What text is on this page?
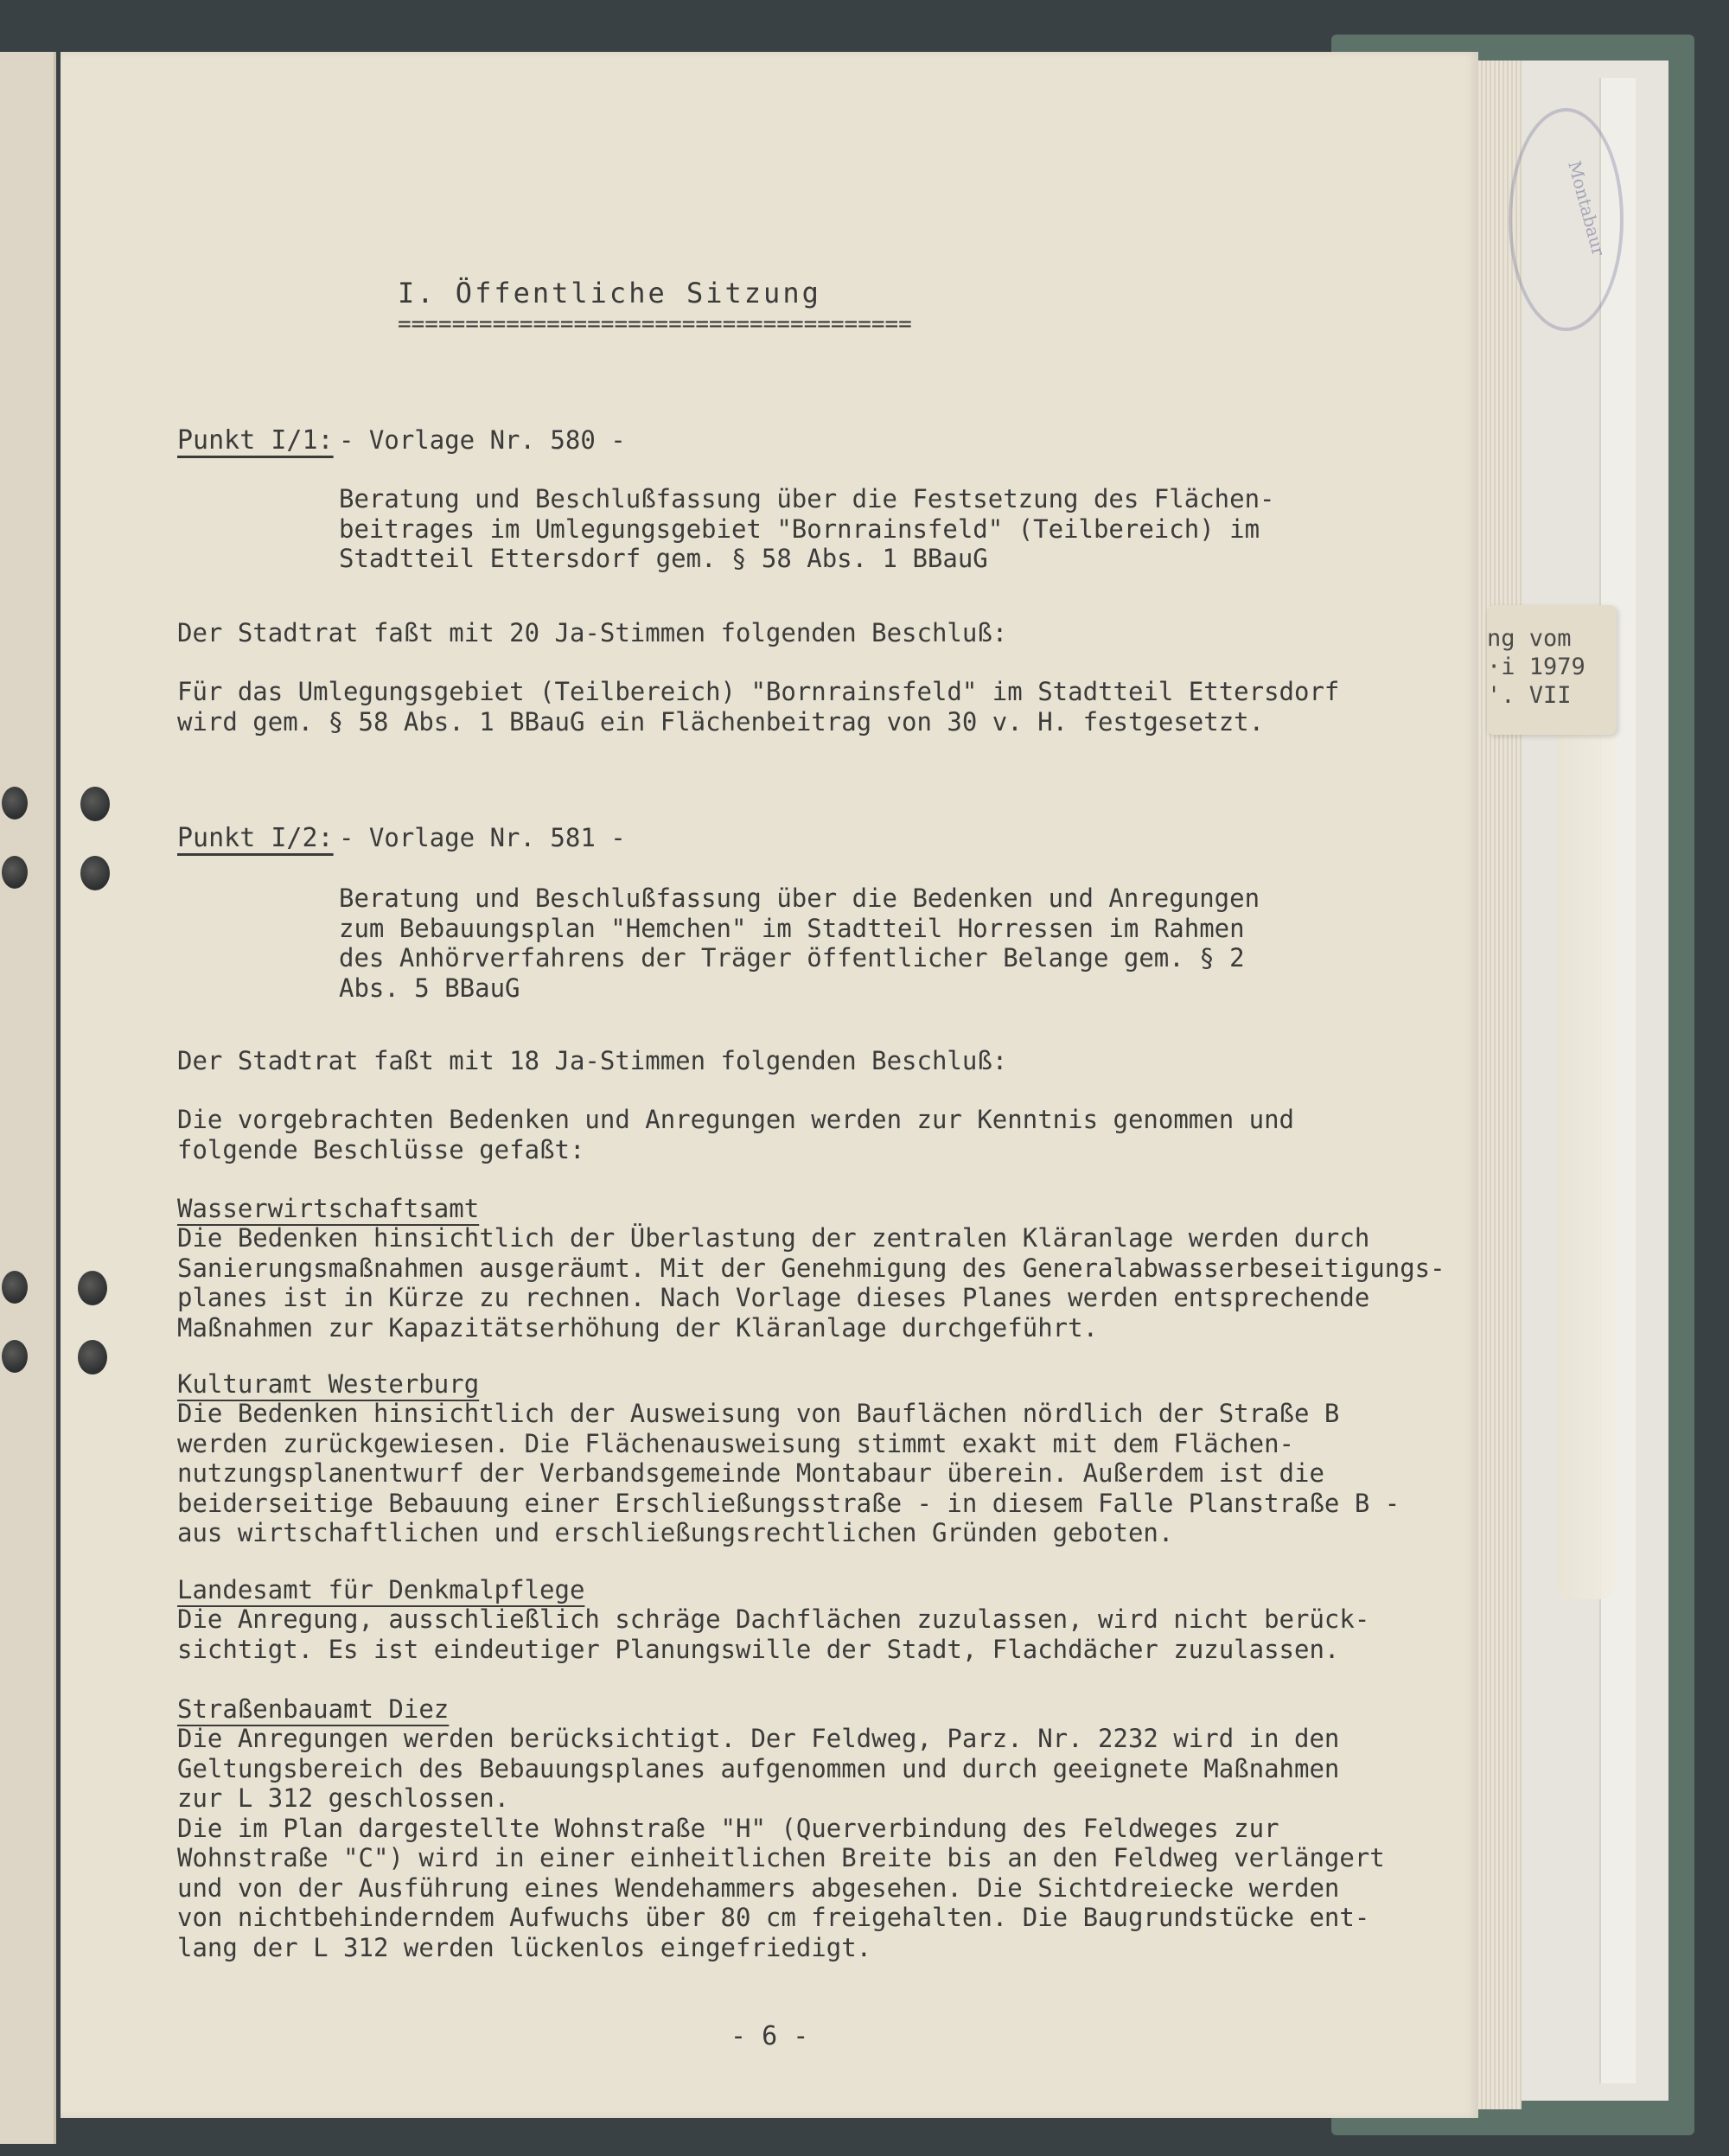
Montabaur
ng vom
·i 1979
'. VII
I. Öffentliche Sitzung
======================================
Punkt I/1: - Vorlage Nr. 580 -
Beratung und Beschlußfassung über die Festsetzung des Flächen-
beitrages im Umlegungsgebiet "Bornrainsfeld" (Teilbereich) im
Stadtteil Ettersdorf gem. § 58 Abs. 1 BBauG
Der Stadtrat faßt mit 20 Ja-Stimmen folgenden Beschluß:
Für das Umlegungsgebiet (Teilbereich) "Bornrainsfeld" im Stadtteil Ettersdorf
wird gem. § 58 Abs. 1 BBauG ein Flächenbeitrag von 30 v. H. festgesetzt.
Punkt I/2: - Vorlage Nr. 581 -
Beratung und Beschlußfassung über die Bedenken und Anregungen
zum Bebauungsplan "Hemchen" im Stadtteil Horressen im Rahmen
des Anhörverfahrens der Träger öffentlicher Belange gem. § 2
Abs. 5 BBauG
Der Stadtrat faßt mit 18 Ja-Stimmen folgenden Beschluß:
Die vorgebrachten Bedenken und Anregungen werden zur Kenntnis genommen und
folgende Beschlüsse gefaßt:
Wasserwirtschaftsamt
Die Bedenken hinsichtlich der Überlastung der zentralen Kläranlage werden durch
Sanierungsmaßnahmen ausgeräumt. Mit der Genehmigung des Generalabwasserbeseitigungs-
planes ist in Kürze zu rechnen. Nach Vorlage dieses Planes werden entsprechende
Maßnahmen zur Kapazitätserhöhung der Kläranlage durchgeführt.
Kulturamt Westerburg
Die Bedenken hinsichtlich der Ausweisung von Bauflächen nördlich der Straße B
werden zurückgewiesen. Die Flächenausweisung stimmt exakt mit dem Flächen-
nutzungsplanentwurf der Verbandsgemeinde Montabaur überein. Außerdem ist die
beiderseitige Bebauung einer Erschließungsstraße - in diesem Falle Planstraße B -
aus wirtschaftlichen und erschließungsrechtlichen Gründen geboten.
Landesamt für Denkmalpflege
Die Anregung, ausschließlich schräge Dachflächen zuzulassen, wird nicht berück-
sichtigt. Es ist eindeutiger Planungswille der Stadt, Flachdächer zuzulassen.
Straßenbauamt Diez
Die Anregungen werden berücksichtigt. Der Feldweg, Parz. Nr. 2232 wird in den
Geltungsbereich des Bebauungsplanes aufgenommen und durch geeignete Maßnahmen
zur L 312 geschlossen.
Die im Plan dargestellte Wohnstraße "H" (Querverbindung des Feldweges zur
Wohnstraße "C") wird in einer einheitlichen Breite bis an den Feldweg verlängert
und von der Ausführung eines Wendehammers abgesehen. Die Sichtdreiecke werden
von nichtbehinderndem Aufwuchs über 80 cm freigehalten. Die Baugrundstücke ent-
lang der L 312 werden lückenlos eingefriedigt.
- 6 -
